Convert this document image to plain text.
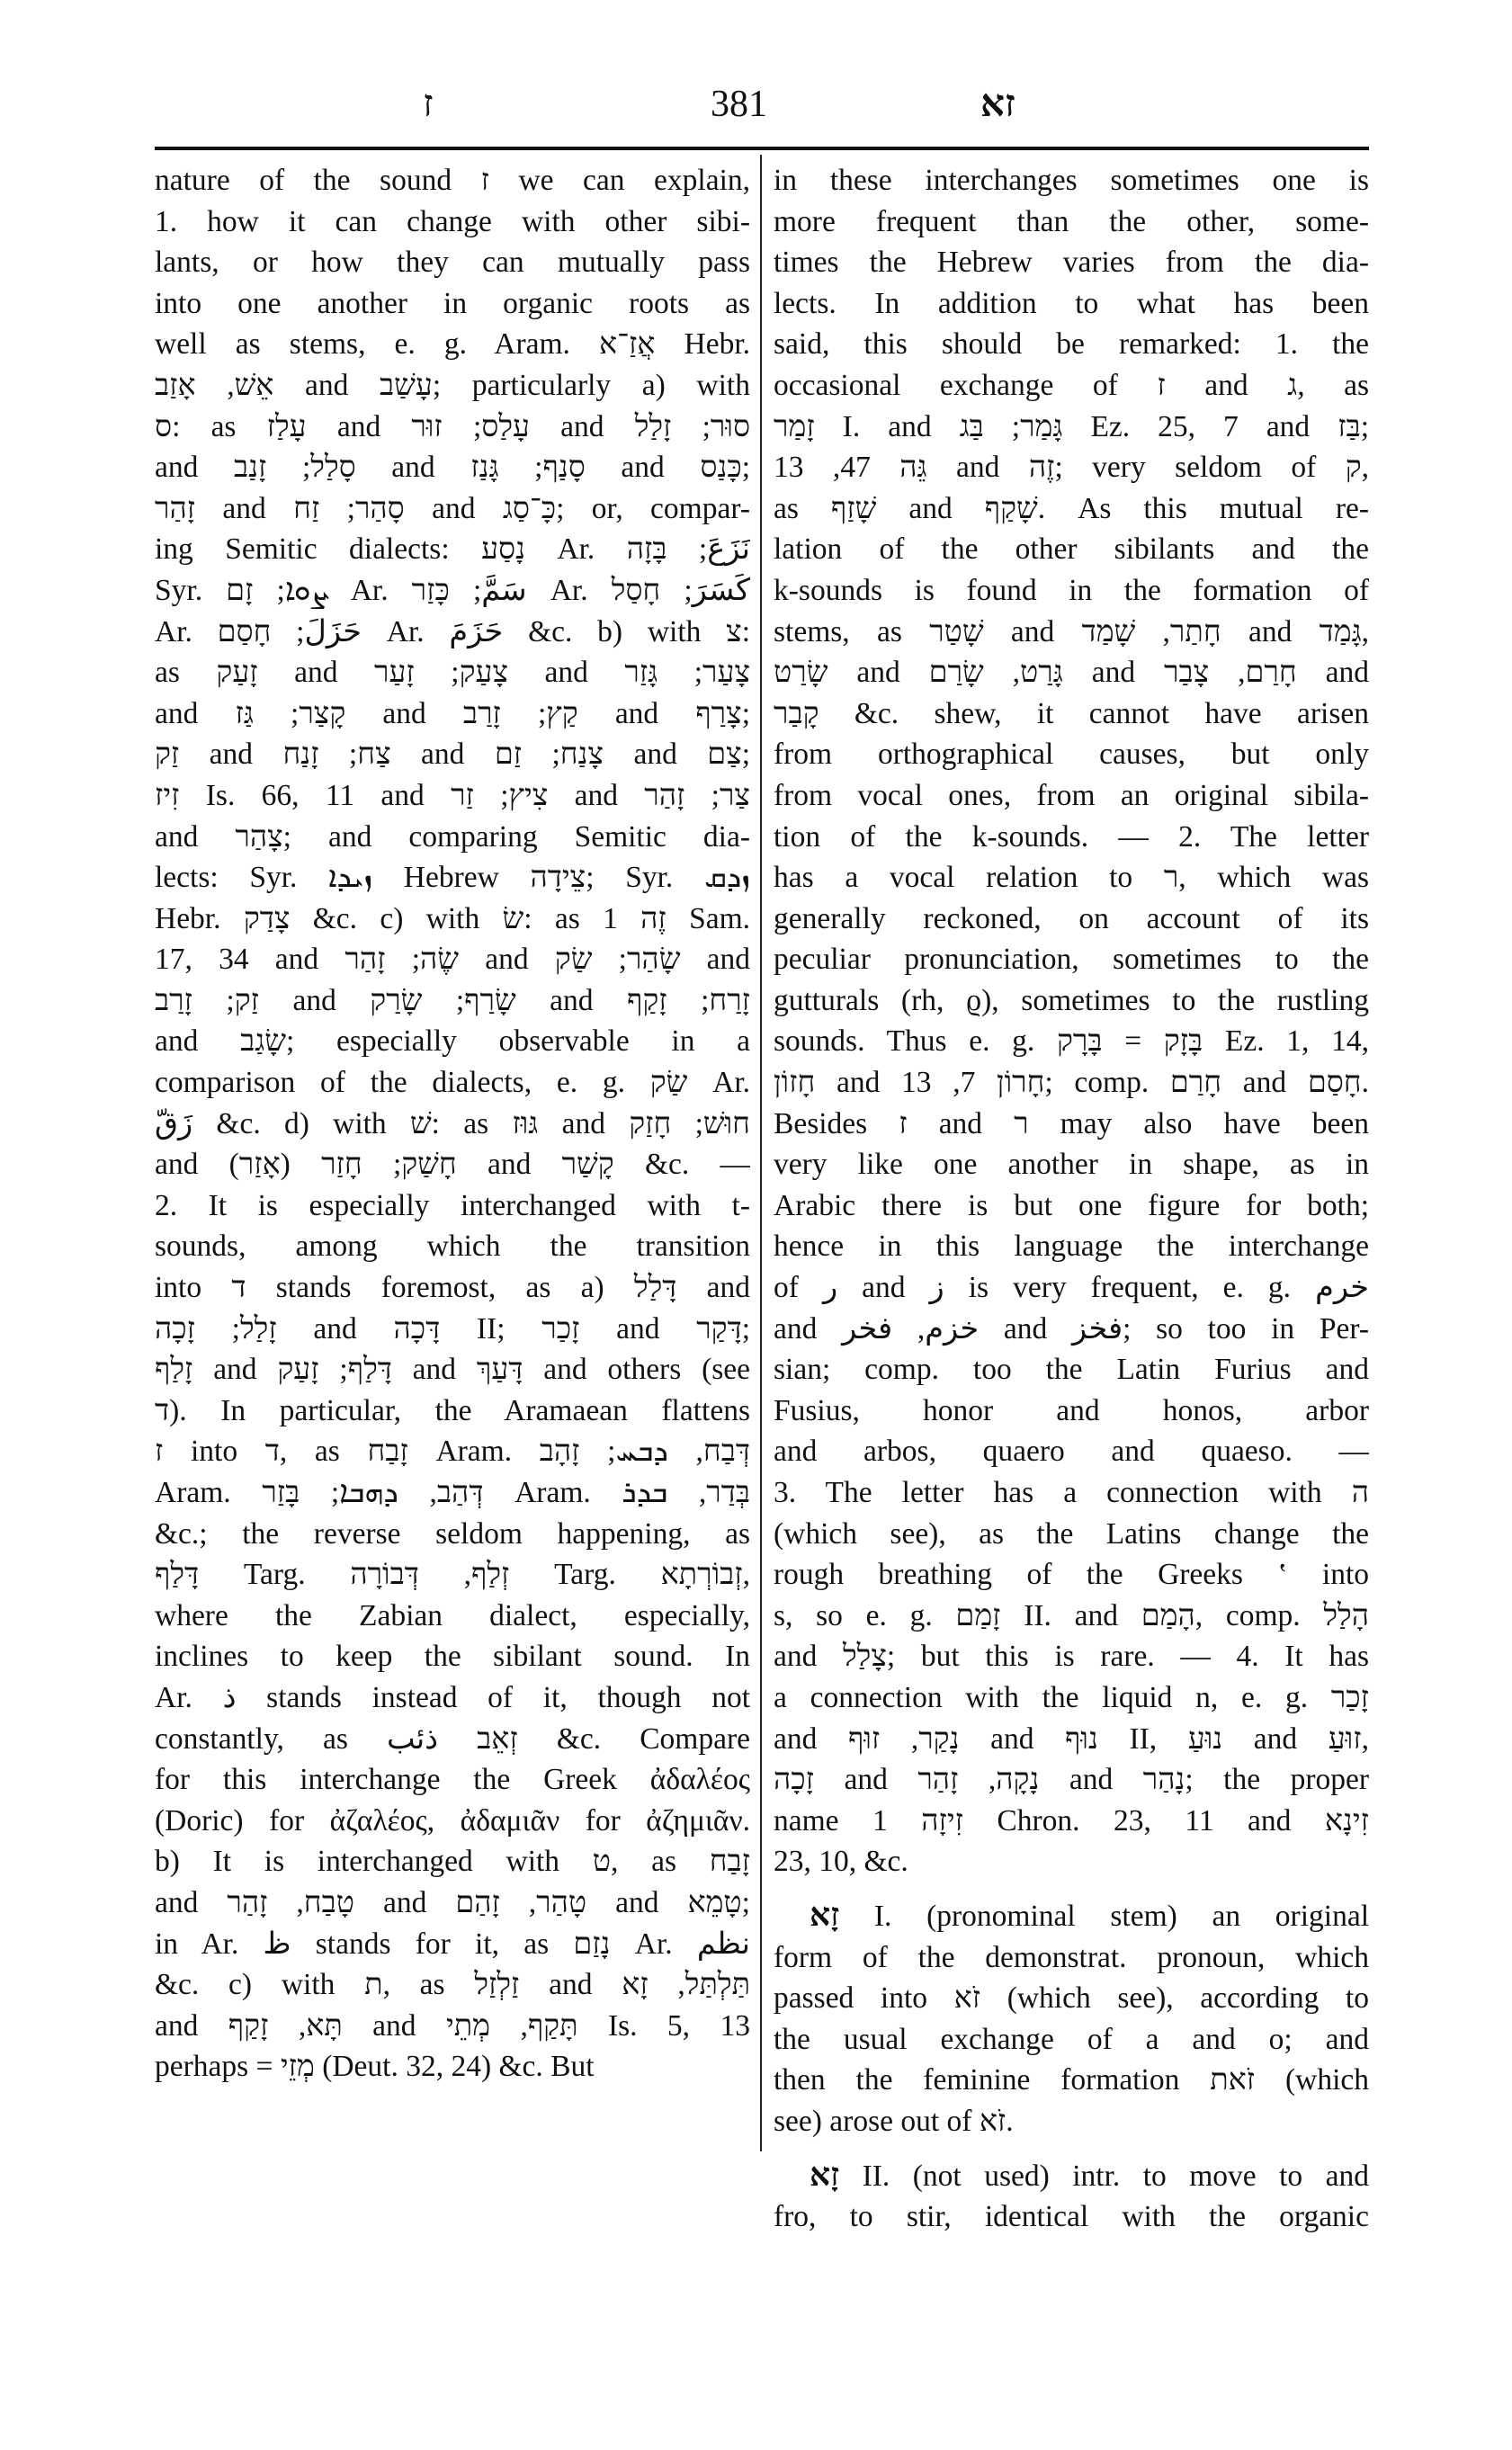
ז	381	זא
nature of the sound ז we can explain,
1. how it can change with other sibi-
lants, or how they can mutually pass
into one another in organic roots as
well as stems, e. g. Aram. אֲזַ־א Hebr.
אֵשׁ, אָזַב and עָשַׁב; particularly a) with
ס: as עָלַז and עָלַס; זוּר and סוּר; זָלַל
and סָלַל; זָנַב and סָנַף; גָּנַז and כָּנַס;
זָהַר and סָהַר; זַח and כָּ־סַג; or, compar-
ing Semitic dialects: נָסַע Ar. نَزَعَ; בָּזָה
Syr. ܨܘܐ; זָם Ar. سَمَّ; כָּזַר Ar. كَسَرَ; חָסַל
Ar. حَزَلَ; חָסַם Ar. حَزَمَ &c. b) with צ:
as זָעַק and צָעַק; זָעַר and צָעַר; גָּזַר
and קָצַר; גַּז and קַץ; זָרַב and צָרַף;
זַק and צַח; זָנַח and צָנַח; זַם and צַם;
זִיז Is. 66, 11 and צִיץ; זַר and צַר; זָהַר
and צָהַר; and comparing Semitic dia-
lects: Syr. ܙܝܕܐ Hebrew צֵידָה; Syr. ܙܕܩ
Hebr. צָדַק &c. c) with שׂ: as זֶה 1 Sam.
17, 34 and שֶׂה; זָהַר and שָׂהַר; שַׂק and
זַק; זָרַב and שָׂרַף; שָׂרַק and זָרַח; זָקַף
and שָׂגַב; especially observable in a
comparison of the dialects, e. g. שַׂק Ar.
زَقّ &c. d) with שׁ: as גּוּז and חוּשׁ; חָזַק
and חָשַׁק; חָזַר (אָזַר) and קָשַׁר &c. —
2. It is especially interchanged with t-
sounds, among which the transition
into ד stands foremost, as a) דָּלַל and
זָלַל; זָכָה and דָּכָה II; זָכַר and דָּקַר;
זָלַף and דָּלַף; זָעַק and דָּעַךְ and others (see
ד). In particular, the Aramaean flattens
ז into ד, as זָבַח Aram. דְּבַח, ܕܒܚ; זָהָב
Aram. דְּהַב, ܕܗܒܐ; בָּזַר Aram. בְּדַר, ܒܕܪ
&c.; the reverse seldom happening, as
דָּלַף Targ. זְלַף, דְּבוֹרָה Targ. זְבוֹרְתָא,
where the Zabian dialect, especially,
inclines to keep the sibilant sound. In
Ar. ذ stands instead of it, though not
constantly, as זְאֵב ذئب &c. Compare
for this interchange the Greek ἀδαλέος
(Doric) for ἀζαλέος, ἀδαμιᾶν for ἀζημιᾶν.
b) It is interchanged with ט, as זָבַח
and טָבַח, זָהַר and טָהַר, זָהַם and טָמֵא;
in Ar. ظ stands for it, as נָזַם Ar. نظم
&c. c) with ת, as זַלְזַל and תַּלְתַּל, זָא
and תָּא, זָקַף and תָּקַף, מְתֵי Is. 5, 13
perhaps = מְזֵי (Deut. 32, 24) &c. But
in these interchanges sometimes one is
more frequent than the other, some-
times the Hebrew varies from the dia-
lects. In addition to what has been
said, this should be remarked: 1. the
occasional exchange of ז and ג, as
זָמַר I. and גָּמַר; בַּג Ez. 25, 7 and בַּז;
גֵּה 47, 13 and זֶה; very seldom of ק,
as שָׁזַף and שָׁקַף. As this mutual re-
lation of the other sibilants and the
k-sounds is found in the formation of
stems, as שָׁטַר and חָתַר, שָׁמַד and גָּמַד,
שָׂרַט and גָּרַט, שָׂרַם and חָרַם, צָבַר and
קָבַר &c. shew, it cannot have arisen
from orthographical causes, but only
from vocal ones, from an original sibila-
tion of the k-sounds. — 2. The letter
has a vocal relation to ר, which was
generally reckoned, on account of its
peculiar pronunciation, sometimes to the
gutturals (rh, ϱ), sometimes to the rustling
sounds. Thus e. g. בָּזָק = בָּרָק Ez. 1, 14,
חָזוֹן and חָרוֹן 7, 13; comp. חָרַם and חָסַם.
Besides ז and ר may also have been
very like one another in shape, as in
Arabic there is but one figure for both;
hence in this language the interchange
of ر and ز is very frequent, e. g. خرم
and خزم, فخر and فخز; so too in Per-
sian; comp. too the Latin Furius and
Fusius, honor and honos, arbor
and arbos, quaero and quaeso. —
3. The letter has a connection with ה
(which see), as the Latins change the
rough breathing of the Greeks ‛ into
s, so e. g. זָמַם II. and הָמַם, comp. הָלַל
and צָלַל; but this is rare. — 4. It has
a connection with the liquid n, e. g. זָכַר
and נָקַר, זוּף and נוּף II, נוּעַ and זוּעַ,
זָכָה and נָקָה, זָהַר and נָהַר; the proper
name זִיזָה 1 Chron. 23, 11 and זִינָא
23, 10, &c.
זָא I. (pronominal stem) an original
form of the demonstrat. pronoun, which
passed into זֹא (which see), according to
the usual exchange of a and o; and
then the feminine formation זֹאת (which
see) arose out of זֹא.
זָא II. (not used) intr. to move to and
fro, to stir, identical with the organic
